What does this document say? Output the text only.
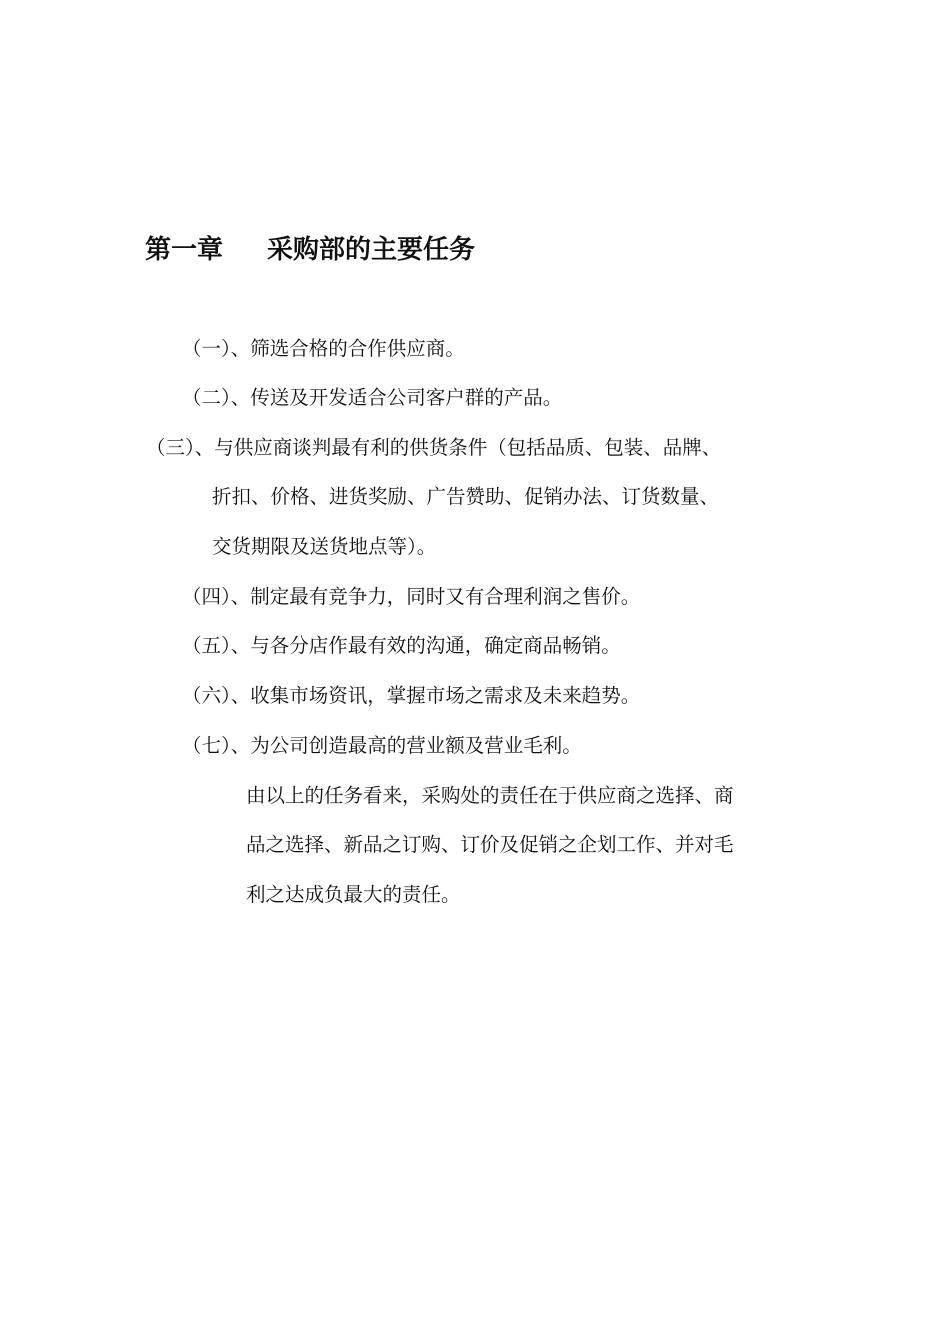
第一章 采购部的主要任务

（一）、筛选合格的合作供应商。

（二）、传送及开发适合公司客户群的产品。

（三）、与供应商谈判最有利的供货条件（包括品质、包装、品牌、

折扣、价格、进货奖励、广告赞助、促销办法、订货数量、

交货期限及送货地点等）。

（四）、制定最有竞争力，同时又有合理利润之售价。

（五）、与各分店作最有效的沟通，确定商品畅销。

（六）、收集市场资讯，掌握市场之需求及未来趋势。

（七）、为公司创造最高的营业额及营业毛利。

由以上的任务看来，采购处的责任在于供应商之选择、商

品之选择、新品之订购、订价及促销之企划工作、并对毛

利之达成负最大的责任。
